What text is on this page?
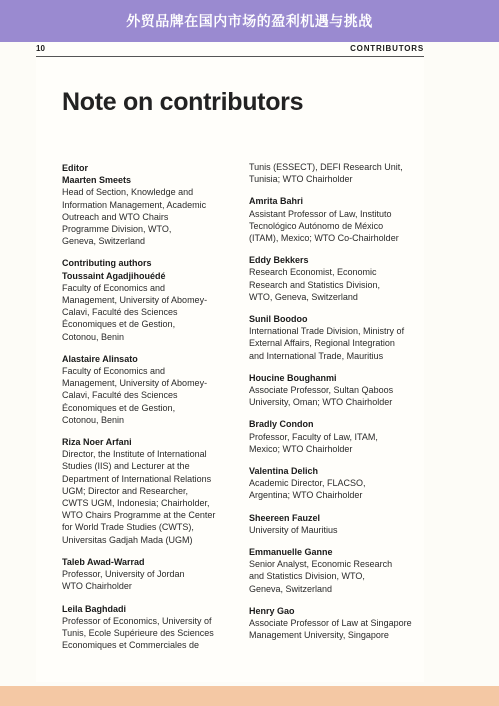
外贸品牌在国内市场的盈利机遇与挑战
10	CONTRIBUTORS
Note on contributors
Editor
Maarten Smeets
Head of Section, Knowledge and
Information Management, Academic
Outreach and WTO Chairs
Programme Division, WTO,
Geneva, Switzerland
Contributing authors
Toussaint Agadjihouédé
Faculty of Economics and
Management, University of Abomey-
Calavi, Faculté des Sciences
Économiques et de Gestion,
Cotonou, Benin
Alastaire Alinsato
Faculty of Economics and
Management, University of Abomey-
Calavi, Faculté des Sciences
Économiques et de Gestion,
Cotonou, Benin
Riza Noer Arfani
Director, the Institute of International
Studies (IIS) and Lecturer at the
Department of International Relations
UGM; Director and Researcher,
CWTS UGM, Indonesia; Chairholder,
WTO Chairs Programme at the Center
for World Trade Studies (CWTS),
Universitas Gadjah Mada (UGM)
Taleb Awad-Warrad
Professor, University of Jordan
WTO Chairholder
Leila Baghdadi
Professor of Economics, University of
Tunis, Ecole Supérieure des Sciences
Economiques et Commerciales de
Tunis (ESSECT), DEFI Research Unit,
Tunisia; WTO Chairholder
Amrita Bahri
Assistant Professor of Law, Instituto
Tecnológico Autónomo de México
(ITAM), Mexico; WTO Co-Chairholder
Eddy Bekkers
Research Economist, Economic
Research and Statistics Division,
WTO, Geneva, Switzerland
Sunil Boodoo
International Trade Division, Ministry of
External Affairs, Regional Integration
and International Trade, Mauritius
Houcine Boughanmi
Associate Professor, Sultan Qaboos
University, Oman; WTO Chairholder
Bradly Condon
Professor, Faculty of Law, ITAM,
Mexico; WTO Chairholder
Valentina Delich
Academic Director, FLACSO,
Argentina; WTO Chairholder
Sheereen Fauzel
University of Mauritius
Emmanuelle Ganne
Senior Analyst, Economic Research
and Statistics Division, WTO,
Geneva, Switzerland
Henry Gao
Associate Professor of Law at Singapore
Management University, Singapore
